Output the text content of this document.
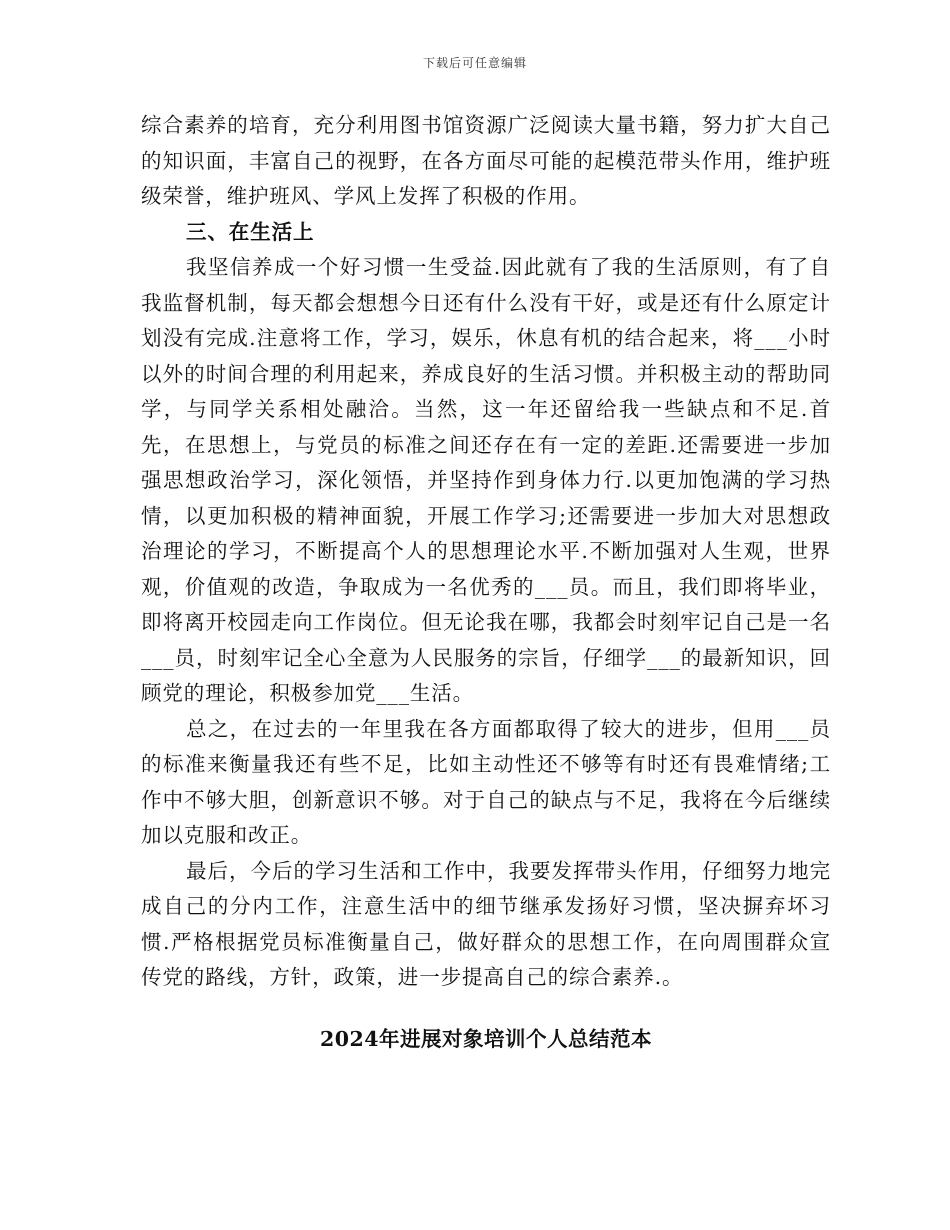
下载后可任意编辑

综合素养的培育，充分利用图书馆资源广泛阅读大量书籍，努力扩大自己的知识面，丰富自己的视野，在各方面尽可能的起模范带头作用，维护班级荣誉，维护班风、学风上发挥了积极的作用。

三、在生活上

我坚信养成一个好习惯一生受益.因此就有了我的生活原则，有了自我监督机制，每天都会想想今日还有什么没有干好，或是还有什么原定计划没有完成.注意将工作，学习，娱乐，休息有机的结合起来，将___小时以外的时间合理的利用起来，养成良好的生活习惯。并积极主动的帮助同学，与同学关系相处融洽。当然，这一年还留给我一些缺点和不足.首先，在思想上，与党员的标准之间还存在有一定的差距.还需要进一步加强思想政治学习，深化领悟，并坚持作到身体力行.以更加饱满的学习热情，以更加积极的精神面貌，开展工作学习;还需要进一步加大对思想政治理论的学习，不断提高个人的思想理论水平.不断加强对人生观，世界观，价值观的改造，争取成为一名优秀的___员。而且，我们即将毕业，即将离开校园走向工作岗位。但无论我在哪，我都会时刻牢记自己是一名___员，时刻牢记全心全意为人民服务的宗旨，仔细学___的最新知识，回顾党的理论，积极参加党___生活。

总之，在过去的一年里我在各方面都取得了较大的进步，但用___员的标准来衡量我还有些不足，比如主动性还不够等有时还有畏难情绪;工作中不够大胆，创新意识不够。对于自己的缺点与不足，我将在今后继续加以克服和改正。

最后，今后的学习生活和工作中，我要发挥带头作用，仔细努力地完成自己的分内工作，注意生活中的细节继承发扬好习惯，坚决摒弃坏习惯.严格根据党员标准衡量自己，做好群众的思想工作，在向周围群众宣传党的路线，方针，政策，进一步提高自己的综合素养.。

2024年进展对象培训个人总结范本
